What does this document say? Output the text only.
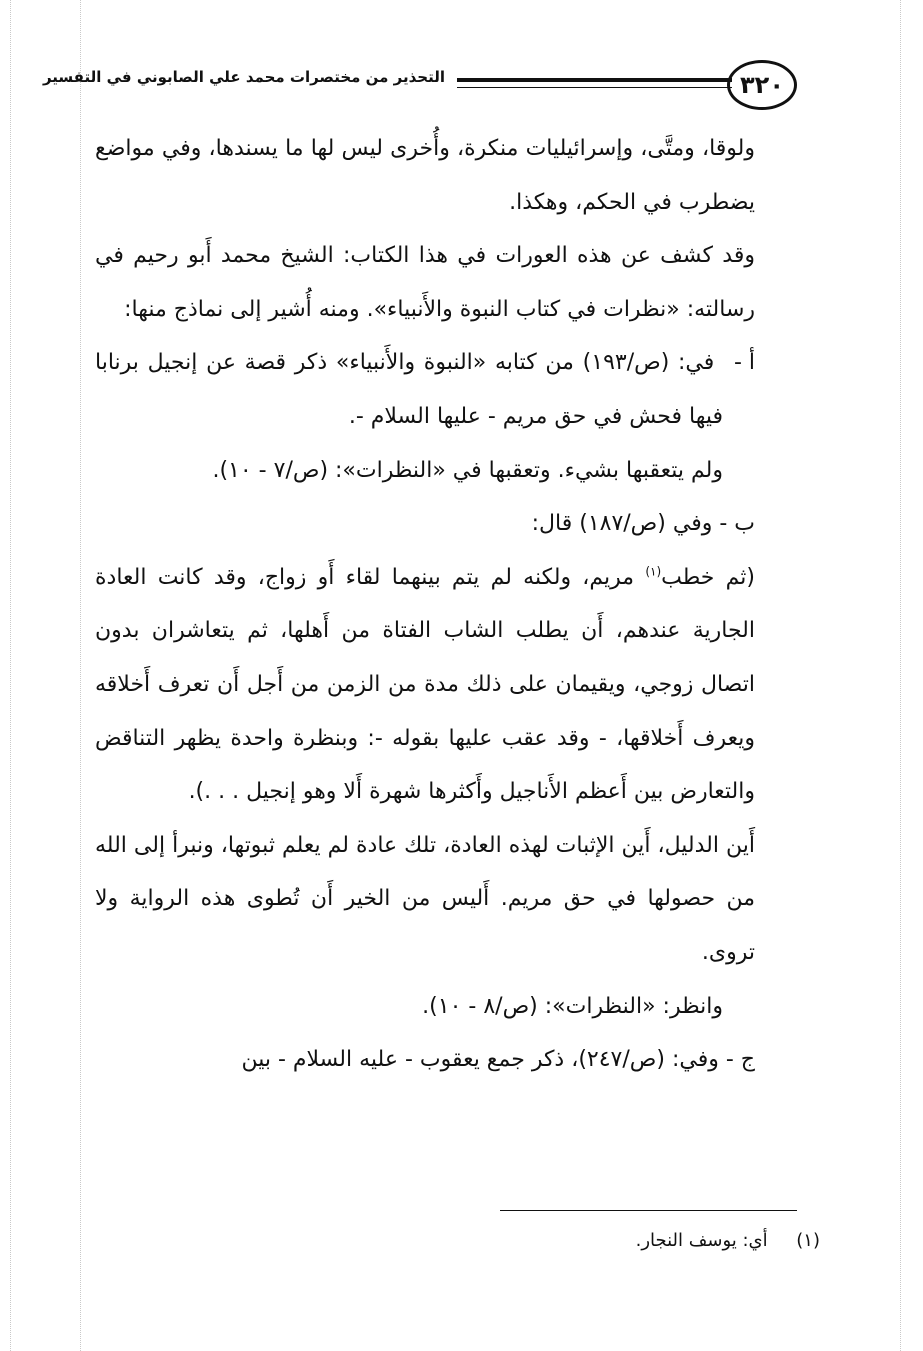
٣٢٠
التحذير من مختصرات محمد علي الصابوني في التفسير

ولوقا، ومتَّى، وإسرائيليات منكرة، وأُخرى ليس لها ما يسندها، وفي مواضع يضطرب في الحكم، وهكذا.

وقد كشف عن هذه العورات في هذا الكتاب: الشيخ محمد أَبو رحيم في رسالته: «نظرات في كتاب النبوة والأَنبياء». ومنه أُشير إلى نماذج منها:

أ - في: (ص/١٩٣) من كتابه «النبوة والأَنبياء» ذكر قصة عن إنجيل برنابا فيها فحش في حق مريم - عليها السلام -.

ولم يتعقبها بشيء. وتعقبها في «النظرات»: (ص/٧ - ١٠).

ب - وفي (ص/١٨٧) قال:

(ثم خطب$^{(١)}$ مريم، ولكنه لم يتم بينهما لقاء أَو زواج، وقد كانت العادة الجارية عندهم، أَن يطلب الشاب الفتاة من أَهلها، ثم يتعاشران بدون اتصال زوجي، ويقيمان على ذلك مدة من الزمن من أَجل أَن تعرف أَخلاقه ويعرف أَخلاقها، - وقد عقب عليها بقوله -: وبنظرة واحدة يظهر التناقض والتعارض بين أَعظم الأَناجيل وأَكثرها شهرة أَلا وهو إنجيل . . .).

أَين الدليل، أَين الإثبات لهذه العادة، تلك عادة لم يعلم ثبوتها، ونبرأ إلى الله من حصولها في حق مريم. أَليس من الخير أَن تُطوى هذه الرواية ولا تروى.

وانظر: «النظرات»: (ص/٨ - ١٠).

ج - وفي: (ص/٢٤٧)، ذكر جمع يعقوب - عليه السلام - بين

(١)     أي: يوسف النجار.
